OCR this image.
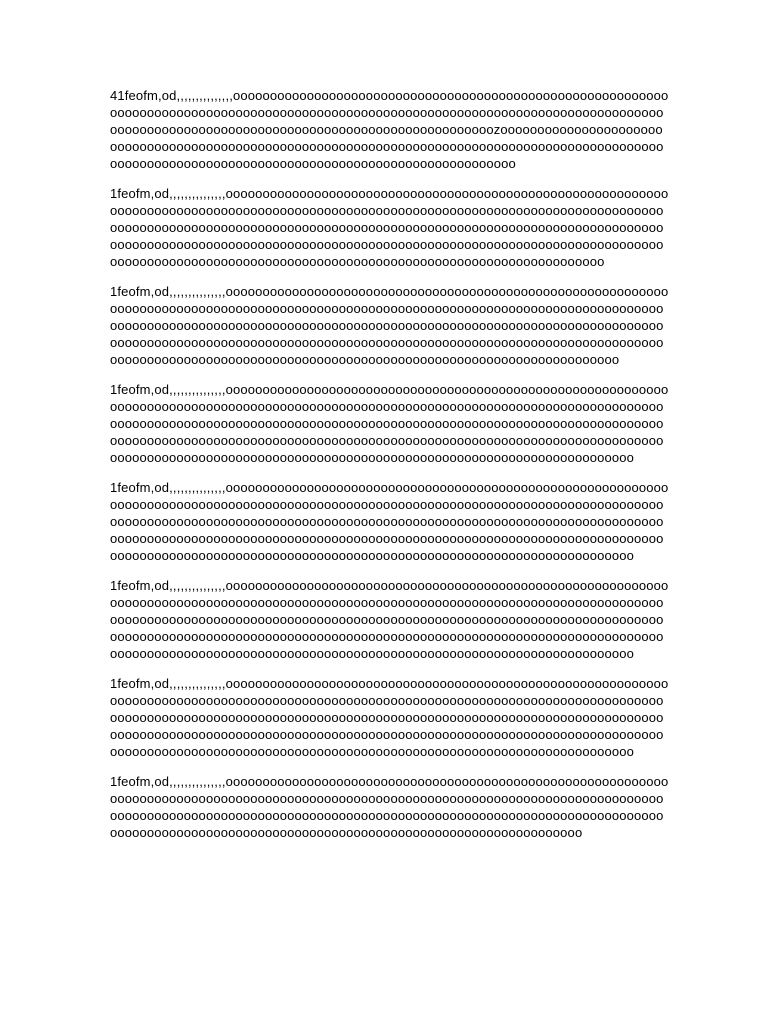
41feofm,od,,,,,,,,,,,,,,,oooooooooooooooooooooooooooooooooooooooooooooooooooooooooooooooooooooooooooooooooooooooooooooooooooooooooooooooooooooooooooooooooooooooooooooooooooooooooooooooooooooooooooooooooooooooooozoooooooooooooooooooooooooooooooooooooooooooooooooooooooooooooooooooooooooooooooooooooooooooooooooooooooooooooooooooooooooooooooooooooooooooooooooooooooo

1feofm,od,,,,,,,,,,,,,,,oooooooooooooooooooooooooooooooooooooooooooooooooooooooooooooooooooooooooooooooooooooooooooooooooooooooooooooooooooooooooooooooooooooooooooooooooooooooooooooooooooooooooooooooooooooooooooooooooooooooooooooooooooooooooooooooooooooooooooooooooooooooooooooooooooooooooooooooooooooooooooooooooooooooooooooooooooooooooooooooooooooooooooooooooooooooooooooooo

1feofm,od,,,,,,,,,,,,,,,oooooooooooooooooooooooooooooooooooooooooooooooooooooooooooooooooooooooooooooooooooooooooooooooooooooooooooooooooooooooooooooooooooooooooooooooooooooooooooooooooooooooooooooooooooooooooooooooooooooooooooooooooooooooooooooooooooooooooooooooooooooooooooooooooooooooooooooooooooooooooooooooooooooooooooooooooooooooooooooooooooooooooooooooooooooooooooooooooo

1feofm,od,,,,,,,,,,,,,,,oooooooooooooooooooooooooooooooooooooooooooooooooooooooooooooooooooooooooooooooooooooooooooooooooooooooooooooooooooooooooooooooooooooooooooooooooooooooooooooooooooooooooooooooooooooooooooooooooooooooooooooooooooooooooooooooooooooooooooooooooooooooooooooooooooooooooooooooooooooooooooooooooooooooooooooooooooooooooooooooooooooooooooooooooooooooooooooooooooo

1feofm,od,,,,,,,,,,,,,,,oooooooooooooooooooooooooooooooooooooooooooooooooooooooooooooooooooooooooooooooooooooooooooooooooooooooooooooooooooooooooooooooooooooooooooooooooooooooooooooooooooooooooooooooooooooooooooooooooooooooooooooooooooooooooooooooooooooooooooooooooooooooooooooooooooooooooooooooooooooooooooooooooooooooooooooooooooooooooooooooooooooooooooooooooooooooooooooooooooo

1feofm,od,,,,,,,,,,,,,,,oooooooooooooooooooooooooooooooooooooooooooooooooooooooooooooooooooooooooooooooooooooooooooooooooooooooooooooooooooooooooooooooooooooooooooooooooooooooooooooooooooooooooooooooooooooooooooooooooooooooooooooooooooooooooooooooooooooooooooooooooooooooooooooooooooooooooooooooooooooooooooooooooooooooooooooooooooooooooooooooooooooooooooooooooooooooooooooooooooo

1feofm,od,,,,,,,,,,,,,,,oooooooooooooooooooooooooooooooooooooooooooooooooooooooooooooooooooooooooooooooooooooooooooooooooooooooooooooooooooooooooooooooooooooooooooooooooooooooooooooooooooooooooooooooooooooooooooooooooooooooooooooooooooooooooooooooooooooooooooooooooooooooooooooooooooooooooooooooooooooooooooooooooooooooooooooooooooooooooooooooooooooooooooooooooooooooooooooooooooo

1feofm,od,,,,,,,,,,,,,,,oooooooooooooooooooooooooooooooooooooooooooooooooooooooooooooooooooooooooooooooooooooooooooooooooooooooooooooooooooooooooooooooooooooooooooooooooooooooooooooooooooooooooooooooooooooooooooooooooooooooooooooooooooooooooooooooooooooooooooooooooooooooooooooooooooooooooooooooooo
